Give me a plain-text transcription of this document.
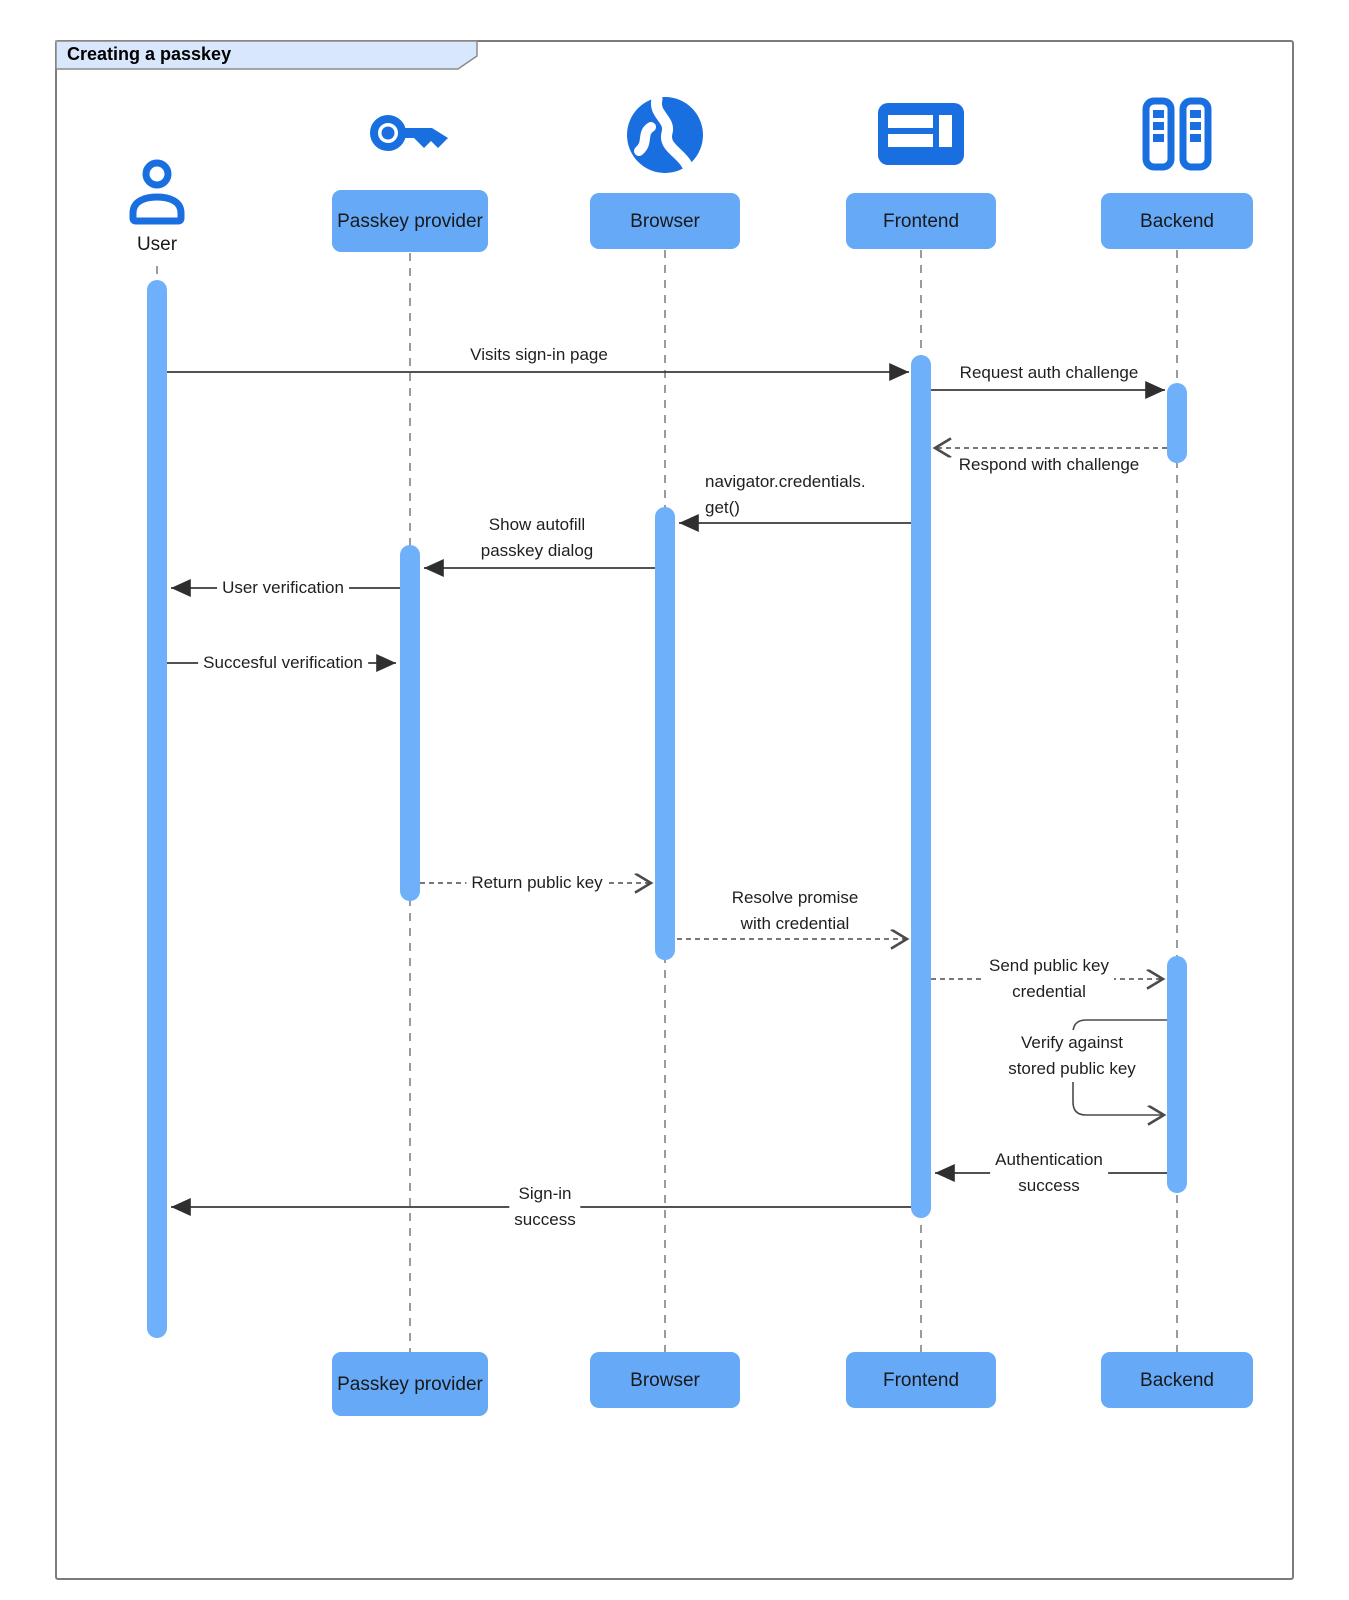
Creating a passkey
User
Passkey provider	Browser	Frontend	Backend
Passkey provider	Browser	Frontend	Backend
Visits sign-in page
Request auth challenge
Respond with challenge
navigator.credentials.
get()
Show autofill
passkey dialog
User verification
Succesful verification
Return public key
Resolve promise
with credential
Send public key
credential
Verify against
stored public key
Authentication
success
Sign-in
success
